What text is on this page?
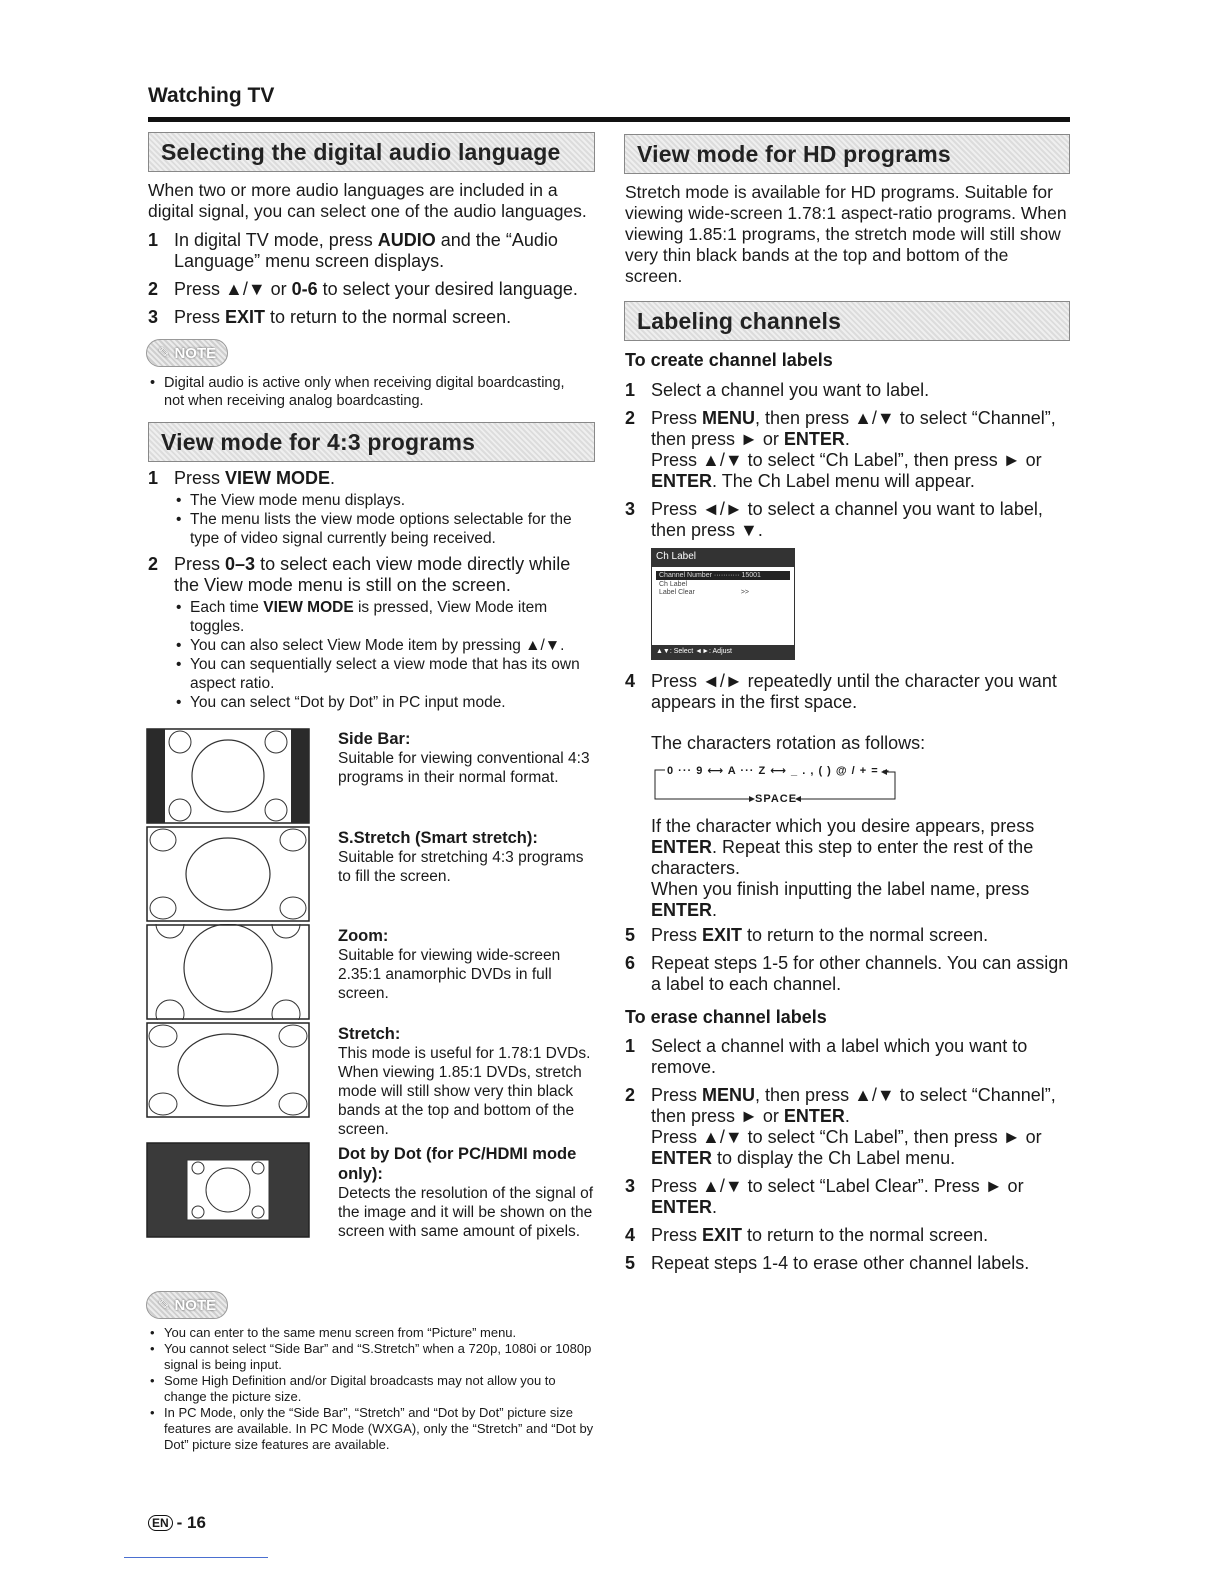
Watching TV
Selecting the digital audio language

When two or more audio languages are included in a digital signal, you can select one of the audio languages.

1 In digital TV mode, press AUDIO and the “Audio Language” menu screen displays.
2 Press ▲/▼ or 0-6 to select your desired language.
3 Press EXIT to return to the normal screen.
✎ NOTE
• Digital audio is active only when receiving digital boardcasting, not when receiving analog boardcasting.
View mode for 4:3 programs
1 Press VIEW MODE.
• The View mode menu displays.
• The menu lists the view mode options selectable for the type of video signal currently being received.
2 Press 0–3 to select each view mode directly while the View mode menu is still on the screen.
• Each time VIEW MODE is pressed, View Mode item toggles.
• You can also select View Mode item by pressing ▲/▼.
• You can sequentially select a view mode that has its own aspect ratio.
• You can select “Dot by Dot” in PC input mode.
Side Bar:
Suitable for viewing conventional 4:3 programs in their normal format.
S.Stretch (Smart stretch):
Suitable for stretching 4:3 programs to fill the screen.
Zoom:
Suitable for viewing wide-screen 2.35:1 anamorphic DVDs in full screen.
Stretch:
This mode is useful for 1.78:1 DVDs. When viewing 1.85:1 DVDs, stretch mode will still show very thin black bands at the top and bottom of the screen.
Dot by Dot (for PC/HDMI mode only):
Detects the resolution of the signal of the image and it will be shown on the screen with same amount of pixels.
✎ NOTE
• You can enter to the same menu screen from “Picture” menu.
• You cannot select “Side Bar” and “S.Stretch” when a 720p, 1080i or 1080p signal is being input.
• Some High Definition and/or Digital broadcasts may not allow you to change the picture size.
• In PC Mode, only the “Side Bar”, “Stretch” and “Dot by Dot” picture size features are available. In PC Mode (WXGA), only the “Stretch” and “Dot by Dot” picture size features are available.
View mode for HD programs

Stretch mode is available for HD programs. Suitable for viewing wide-screen 1.78:1 aspect-ratio programs. When viewing 1.85:1 programs, the stretch mode will still show very thin black bands at the top and bottom of the screen.

Labeling channels
To create channel labels
1 Select a channel you want to label.
2 Press MENU, then press ▲/▼ to select “Channel”, then press ► or ENTER.
Press ▲/▼ to select “Ch Label”, then press ► or ENTER. The Ch Label menu will appear.
3 Press ◄/► to select a channel you want to label, then press ▼.
Ch Label
Channel Number ··········· 15001
Ch Label
Label Clear	>>
▲▼: Select ◄►: Adjust
4 Press ◄/► repeatedly until the character you want appears in the first space.

The characters rotation as follows:

0 ··· 9 ⟷ A ··· Z ⟷ _ . , ( ) @ / + = –
SPACE
If the character which you desire appears, press ENTER. Repeat this step to enter the rest of the characters.
When you finish inputting the label name, press ENTER.
5 Press EXIT to return to the normal screen.
6 Repeat steps 1-5 for other channels. You can assign a label to each channel.
To erase channel labels
1 Select a channel with a label which you want to remove.
2 Press MENU, then press ▲/▼ to select “Channel”, then press ► or ENTER.
Press ▲/▼ to select “Ch Label”, then press ► or ENTER to display the Ch Label menu.
3 Press ▲/▼ to select “Label Clear”. Press ► or ENTER.
4 Press EXIT to return to the normal screen.
5 Repeat steps 1-4 to erase other channel labels.
EN - 16
